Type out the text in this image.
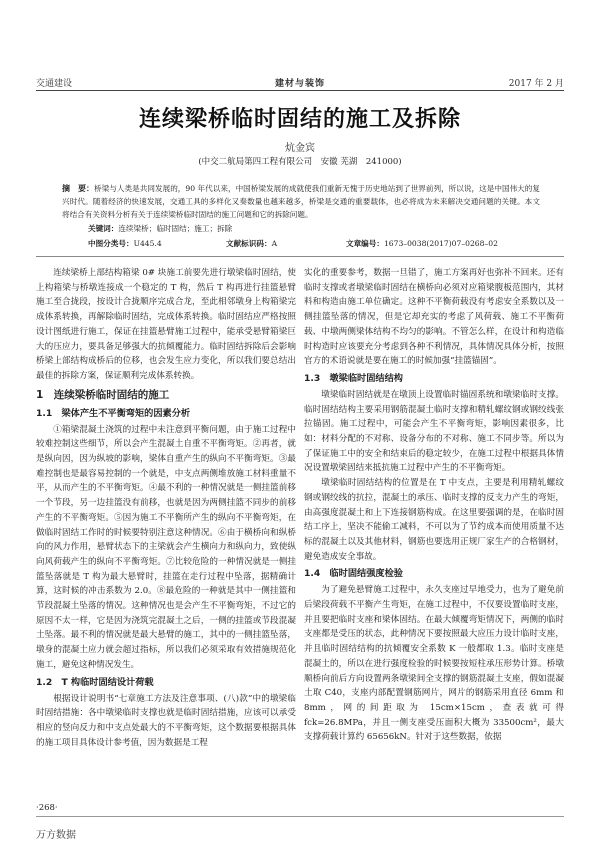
交通建设	建材与装饰	2017 年 2 月
连续梁桥临时固结的施工及拆除
炕金宾
(中交二航局第四工程有限公司　安徽 芜湖　241000)
摘　要：桥梁与人类是共同发展的，90 年代以来，中国桥梁发展的成就使我们重新无愧于历史地站到了世界前列，所以说，这是中国伟大的复兴时代。随着经济的快速发展，交通工具的多样化又奏数量也越来越多，桥梁是交通的重要载体，也必将成为未来解决交通问题的关键。本文将结合有关资料分析有关于连续梁桥临时固结的施工问题和它的拆除问题。
关键词：连续梁桥；临时固结；施工；拆除
中图分类号：U445.4	文献标识码：A	文章编号：1673–0038(2017)07–0268–02

连续梁桥上部结构箱梁 0# 块施工前要先进行墩梁临时固结，使上构箱梁与桥墩连接成一个稳定的 T 构，然后 T 构再进行挂篮悬臂施工至合拢段，按设计合拢顺序完成合龙，至此相邻墩身上构箱梁完成体系转换，再解除临时固结，完成体系转换。临时固结应严格按照设计图纸进行施工，保证在挂篮悬臂施工过程中，能承受悬臂箱梁巨大的压应力，要具备足够强大的抗倾覆能力。临时固结拆除后会影响桥梁上部结构成桥后的位移，也会发生应力变化，所以我们要总结出最佳的拆除方案，保证顺利完成体系转换。

1　连续梁桥临时固结的施工
1.1　梁体产生不平衡弯矩的因素分析

①箱梁混凝土浇筑的过程中未注意到平衡问题，由于施工过程中较难控制这些细节，所以会产生混凝土自重不平衡弯矩。②再者，就是纵向因，因为纵坡的影响，梁体自重产生的纵向不平衡弯矩。③最难控制也是最容易控制的一个就是，中支点两侧堆放施工材料重量不平，从而产生的不平衡弯矩。④最不利的一种情况就是一侧挂篮前移一个节段，另一边挂篮没有前移，也就是因为两侧挂篮不同步的前移产生的不平衡弯矩。⑤因为施工不平衡所产生的纵向不平衡弯矩，在做临时固结工作时的时候要特别注意这种情况。⑥由于横桥向和纵桥向的风力作用，悬臂状态下的主梁就会产生横向力和纵向力，致使纵向风荷载产生的纵向不平衡弯矩。⑦比较危险的一种情况就是一侧挂篮坠落就是 T 构为最大悬臂时，挂篮在走行过程中坠落，据精确计算，这时候的冲击系数为 2.0。⑧最危险的一种就是其中一侧挂篮和节段混凝土坠落的情况。这种情况也是会产生不平衡弯矩，不过它的原因不太一样，它是因为浇筑完混凝土之后，一侧的挂篮或节段混凝土坠落。最不利的情况就是最大悬臂的施工，其中的一侧挂篮坠落，墩身的混凝土应力就会超过指标，所以我们必须采取有效措施规范化施工，避免这种情况发生。

1.2　T 构临时固结设计荷载

根据设计说明书“七章施工方法及注意事项、(八)款”中的墩梁临时固结措施：各中墩梁临时支撑也就是临时固结措施，应该可以承受相应的竖向反力和中支点处最大的不平衡弯矩，这个数据要根据具体的施工项目具体设计参考值，因为数据是工程

实化的重要参考，数据一旦错了，施工方案再好也弥补不回来。还有临时支撑或者墩梁临时固结在横桥向必须对应箱梁腹板范围内，其材料和构造由施工单位确定。这种不平衡荷载没有考虑安全系数以及一侧挂篮坠落的情况，但是它却充实的考虑了风荷载、施工不平衡荷载、中墩两侧梁体结构不均匀的影响。不管怎么样，在设计和构造临时构造时应该要充分考虑到各种不利情况，具体情况具体分析，按照官方的术语说就是要在施工的时候加强“挂篮锚固”。

1.3　墩梁临时固结结构

墩梁临时固结就是在墩顶上设置临时锚固系统和墩梁临时支撑。临时固结结构主要采用钢筋混凝土临时支撑和精轧螺纹钢或钢绞线张拉锚固。施工过程中，可能会产生不平衡弯矩，影响因素很多，比如：材料分配的不对称、设备分布的不对称、施工不同步等。所以为了保证施工中的安全和结束后的稳定较少，在施工过程中根据具体情况设置墩梁固结来抵抗施工过程中产生的不平衡弯矩。

墩梁临时固结结构的位置是在 T 中支点，主要是利用精轧螺纹钢或钢绞线的抗拉，混凝土的承压、临时支撑的反支力产生的弯矩，由高强度混凝土和上下连接钢筋构成。在这里要强调的是，在临时固结工序上，坚决不能偷工减料，不可以为了节约成本而使用质量不达标的混凝土以及其他材料，钢筋也要选用正规厂家生产的合格钢材，避免造成安全事故。

1.4　临时固结强度检验

为了避免悬臂施工过程中，永久支座过早地受力，也为了避免前后梁段荷载不平衡产生弯矩，在施工过程中，不仅要设置临时支座，并且要把临时支座和梁体固结。在最大倾覆弯矩情况下，两侧的临时支座都是受压的状态，此种情况下要按照最大应压力设计临时支座，并且临时固结结构的抗倾覆安全系数 K 一般都取 1.3。临时支座是混凝土的，所以在进行强度检验的时候要按短柱承压形势计算。桥墩顺桥向前后方向设置两条墩梁间全支撑的钢筋混凝土支座，假如混凝土取 C40，支座内部配置钢筋网片，网片的钢筋采用直径 6mm 和 8mm，网的间距取为 15cm×15cm，查表就可得 fck=26.8MPa，并且一侧支座受压面积大概为 33500cm²，最大支撑荷载计算约 65656kN。针对于这些数据，依据

·268·
万方数据
